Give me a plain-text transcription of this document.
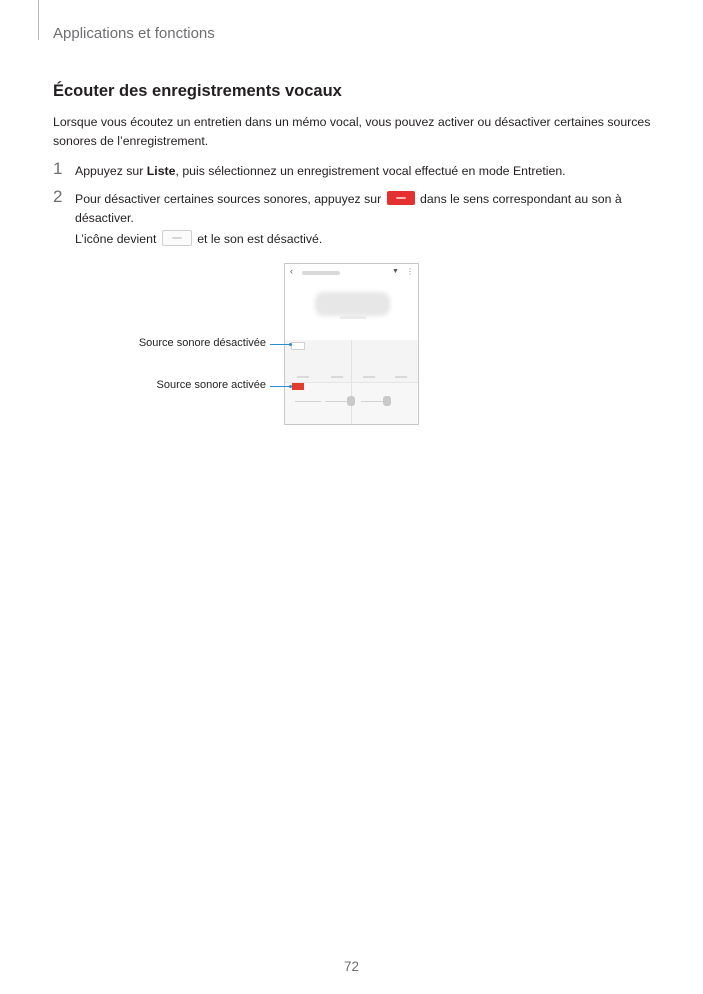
Applications et fonctions
Écouter des enregistrements vocaux

Lorsque vous écoutez un entretien dans un mémo vocal, vous pouvez activer ou désactiver certaines sources sonores de l’enregistrement.

1 Appuyez sur Liste, puis sélectionnez un enregistrement vocal effectué en mode Entretien.
2 Pour désactiver certaines sources sonores, appuyez sur	dans le sens correspondant au son à désactiver.
L’icône devient	et le son est désactivé.
‹	▼ ⋮
Source sonore désactivée
Source sonore activée
72
